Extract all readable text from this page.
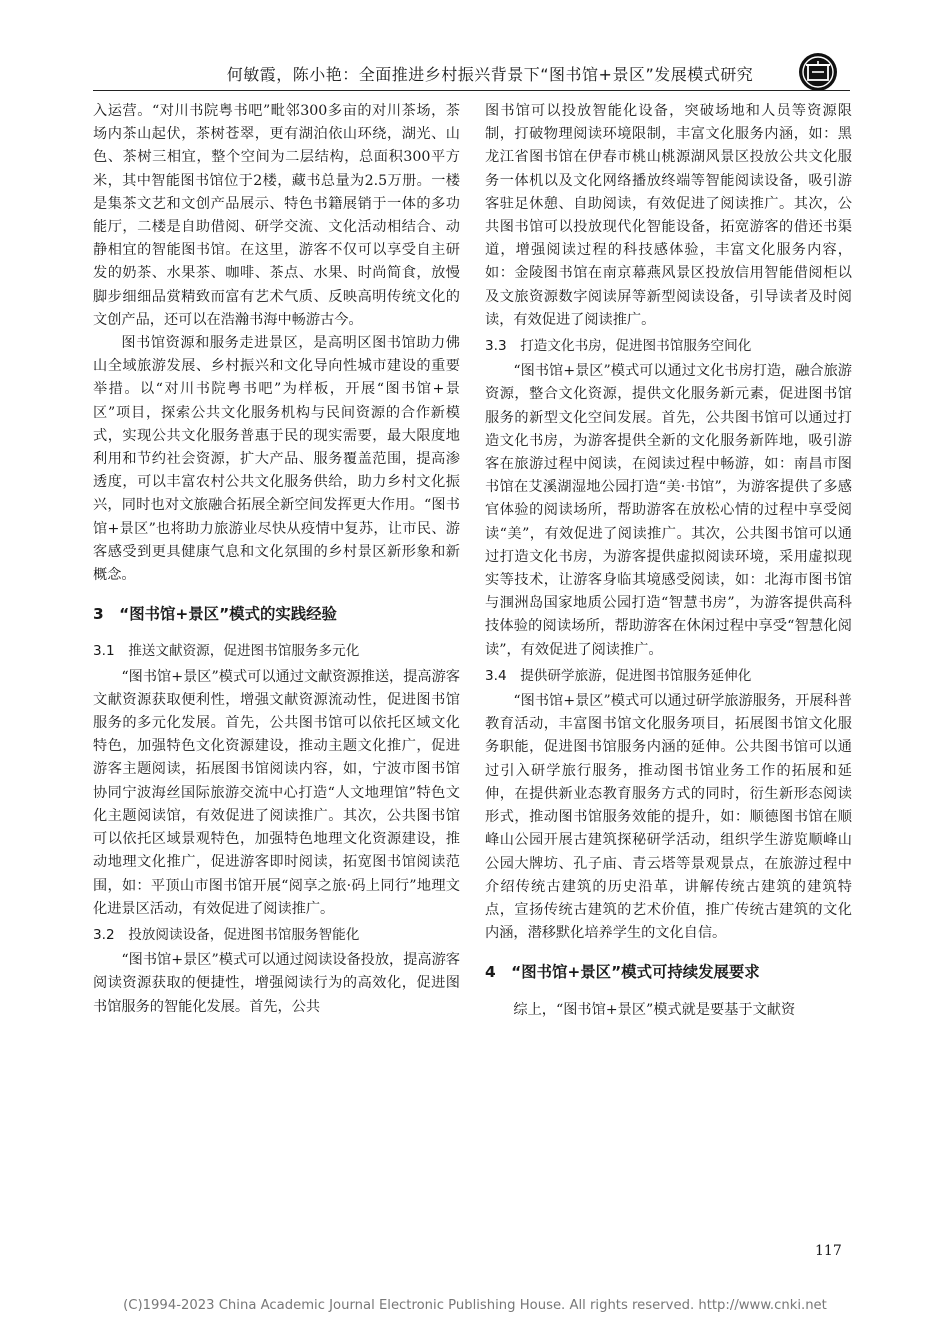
何敏霞，陈小艳：全面推进乡村振兴背景下“图书馆+景区”发展模式研究

入运营。“对川书院粤书吧”毗邻300多亩的对川茶场，茶场内茶山起伏，茶树苍翠，更有湖泊依山环绕，湖光、山色、茶树三相宜，整个空间为二层结构，总面积300平方米，其中智能图书馆位于2楼，藏书总量为2.5万册。一楼是集茶文艺和文创产品展示、特色书籍展销于一体的多功能厅，二楼是自助借阅、研学交流、文化活动相结合、动静相宜的智能图书馆。在这里，游客不仅可以享受自主研发的奶茶、水果茶、咖啡、茶点、水果、时尚简食，放慢脚步细细品赏精致而富有艺术气质、反映高明传统文化的文创产品，还可以在浩瀚书海中畅游古今。

图书馆资源和服务走进景区，是高明区图书馆助力佛山全域旅游发展、乡村振兴和文化导向性城市建设的重要举措。以“对川书院粤书吧”为样板，开展“图书馆+景区”项目，探索公共文化服务机构与民间资源的合作新模式，实现公共文化服务普惠于民的现实需要，最大限度地利用和节约社会资源，扩大产品、服务覆盖范围，提高渗透度，可以丰富农村公共文化服务供给，助力乡村文化振兴，同时也对文旅融合拓展全新空间发挥更大作用。“图书馆+景区”也将助力旅游业尽快从疫情中复苏，让市民、游客感受到更具健康气息和文化氛围的乡村景区新形象和新概念。

3　“图书馆+景区”模式的实践经验
3.1　推送文献资源，促进图书馆服务多元化

“图书馆+景区”模式可以通过文献资源推送，提高游客文献资源获取便利性，增强文献资源流动性，促进图书馆服务的多元化发展。首先，公共图书馆可以依托区域文化特色，加强特色文化资源建设，推动主题文化推广，促进游客主题阅读，拓展图书馆阅读内容，如，宁波市图书馆协同宁波海丝国际旅游交流中心打造“人文地理馆”特色文化主题阅读馆，有效促进了阅读推广。其次，公共图书馆可以依托区域景观特色，加强特色地理文化资源建设，推动地理文化推广，促进游客即时阅读，拓宽图书馆阅读范围，如：平顶山市图书馆开展“阅享之旅·码上同行”地理文化进景区活动，有效促进了阅读推广。

3.2　投放阅读设备，促进图书馆服务智能化

“图书馆+景区”模式可以通过阅读设备投放，提高游客阅读资源获取的便捷性，增强阅读行为的高效化，促进图书馆服务的智能化发展。首先，公共

图书馆可以投放智能化设备，突破场地和人员等资源限制，打破物理阅读环境限制，丰富文化服务内涵，如：黑龙江省图书馆在伊春市桃山桃源湖风景区投放公共文化服务一体机以及文化网络播放终端等智能阅读设备，吸引游客驻足休憩、自助阅读，有效促进了阅读推广。其次，公共图书馆可以投放现代化智能设备，拓宽游客的借还书渠道，增强阅读过程的科技感体验，丰富文化服务内容，如：金陵图书馆在南京幕燕风景区投放信用智能借阅柜以及文旅资源数字阅读屏等新型阅读设备，引导读者及时阅读，有效促进了阅读推广。

3.3　打造文化书房，促进图书馆服务空间化

“图书馆+景区”模式可以通过文化书房打造，融合旅游资源，整合文化资源，提供文化服务新元素，促进图书馆服务的新型文化空间发展。首先，公共图书馆可以通过打造文化书房，为游客提供全新的文化服务新阵地，吸引游客在旅游过程中阅读，在阅读过程中畅游，如：南昌市图书馆在艾溪湖湿地公园打造“美·书馆”，为游客提供了多感官体验的阅读场所，帮助游客在放松心情的过程中享受阅读“美”，有效促进了阅读推广。其次，公共图书馆可以通过打造文化书房，为游客提供虚拟阅读环境，采用虚拟现实等技术，让游客身临其境感受阅读，如：北海市图书馆与涠洲岛国家地质公园打造“智慧书房”，为游客提供高科技体验的阅读场所，帮助游客在休闲过程中享受“智慧化阅读”，有效促进了阅读推广。

3.4　提供研学旅游，促进图书馆服务延伸化

“图书馆+景区”模式可以通过研学旅游服务，开展科普教育活动，丰富图书馆文化服务项目，拓展图书馆文化服务职能，促进图书馆服务内涵的延伸。公共图书馆可以通过引入研学旅行服务，推动图书馆业务工作的拓展和延伸，在提供新业态教育服务方式的同时，衍生新形态阅读形式，推动图书馆服务效能的提升，如：顺德图书馆在顺峰山公园开展古建筑探秘研学活动，组织学生游览顺峰山公园大牌坊、孔子庙、青云塔等景观景点，在旅游过程中介绍传统古建筑的历史沿革，讲解传统古建筑的建筑特点，宣扬传统古建筑的艺术价值，推广传统古建筑的文化内涵，潜移默化培养学生的文化自信。

4　“图书馆+景区”模式可持续发展要求

综上，“图书馆+景区”模式就是要基于文献资

117
(C)1994-2023 China Academic Journal Electronic Publishing House. All rights reserved. http://www.cnki.net
